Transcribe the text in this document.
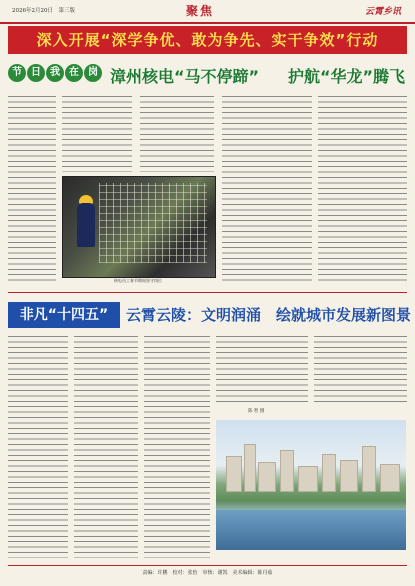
2026年2月20日　第三版	聚焦	云霄乡讯
深入开展“深学争优、敢为争先、实干争效”行动
节 日 我 在 岗 漳州核电“马不停蹄” 护航“华龙”腾飞
核电员工春节期间坚守岗位
非凡“十四五”	云霄云陵：文明润涌　绘就城市发展新图景
陈 智 摄
责编：许鹏　校对：张怡　审核：谢凯　美术编辑：陈丹茹
